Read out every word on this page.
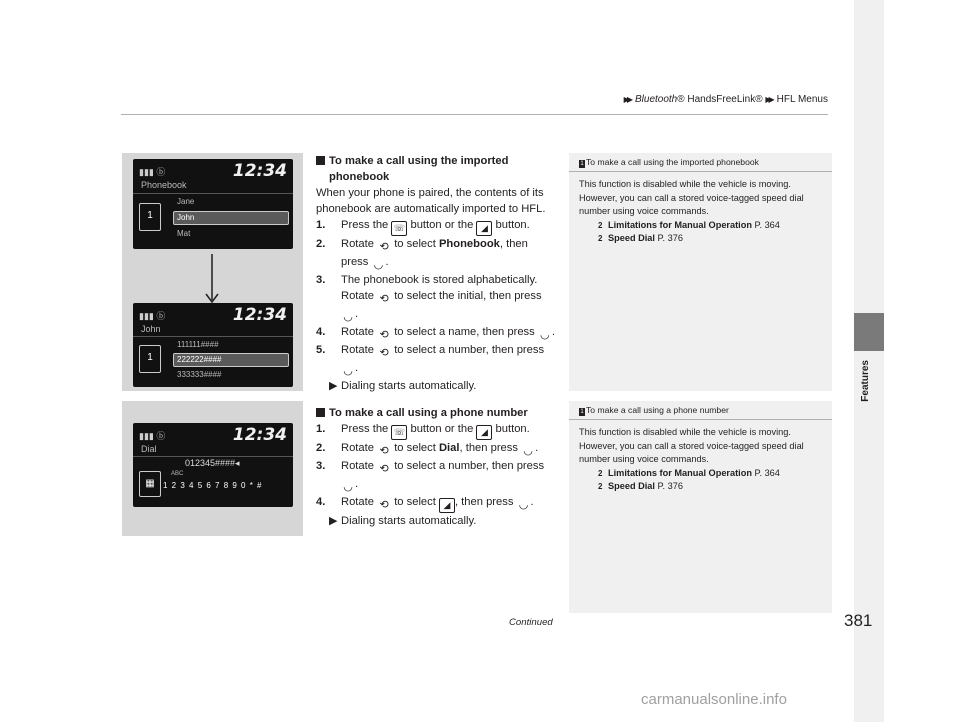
▶▶ Bluetooth® HandsFreeLink® ▶▶ HFL Menus
Features
▮▮▮ ⓑ	12:34
Phonebook
1
Jane
John
Mat
▮▮▮ ⓑ	12:34
John
1
111111####
222222####
333333####
▮▮▮ ⓑ	12:34
Dial
012345####◂
▦
ABC
1 2 3 4 5 6 7 8 9 0 * #
To make a call using the imported
phonebook
When your phone is paired, the contents of its phonebook are automatically imported to HFL.
1. Press the ☏ button or the ◢ button.
2. Rotate ⟲ to select Phonebook, then press ◡ .
3. The phonebook is stored alphabetically. Rotate ⟲ to select the initial, then press ◡ .
4. Rotate ⟲ to select a name, then press ◡ .
5. Rotate ⟲ to select a number, then press ◡ .
▶ Dialing starts automatically.
To make a call using a phone number
1. Press the ☏ button or the ◢ button.
2. Rotate ⟲ to select Dial, then press ◡ .
3. Rotate ⟲ to select a number, then press ◡ .
4. Rotate ⟲ to select ◢ , then press ◡ .
▶ Dialing starts automatically.
1 To make a call using the imported phonebook
This function is disabled while the vehicle is moving. However, you can call a stored voice-tagged speed dial number using voice commands.
2 Limitations for Manual Operation P. 364
2 Speed Dial P. 376
1 To make a call using a phone number
This function is disabled while the vehicle is moving. However, you can call a stored voice-tagged speed dial number using voice commands.
2 Limitations for Manual Operation P. 364
2 Speed Dial P. 376
Continued	381
carmanualsonline.info
